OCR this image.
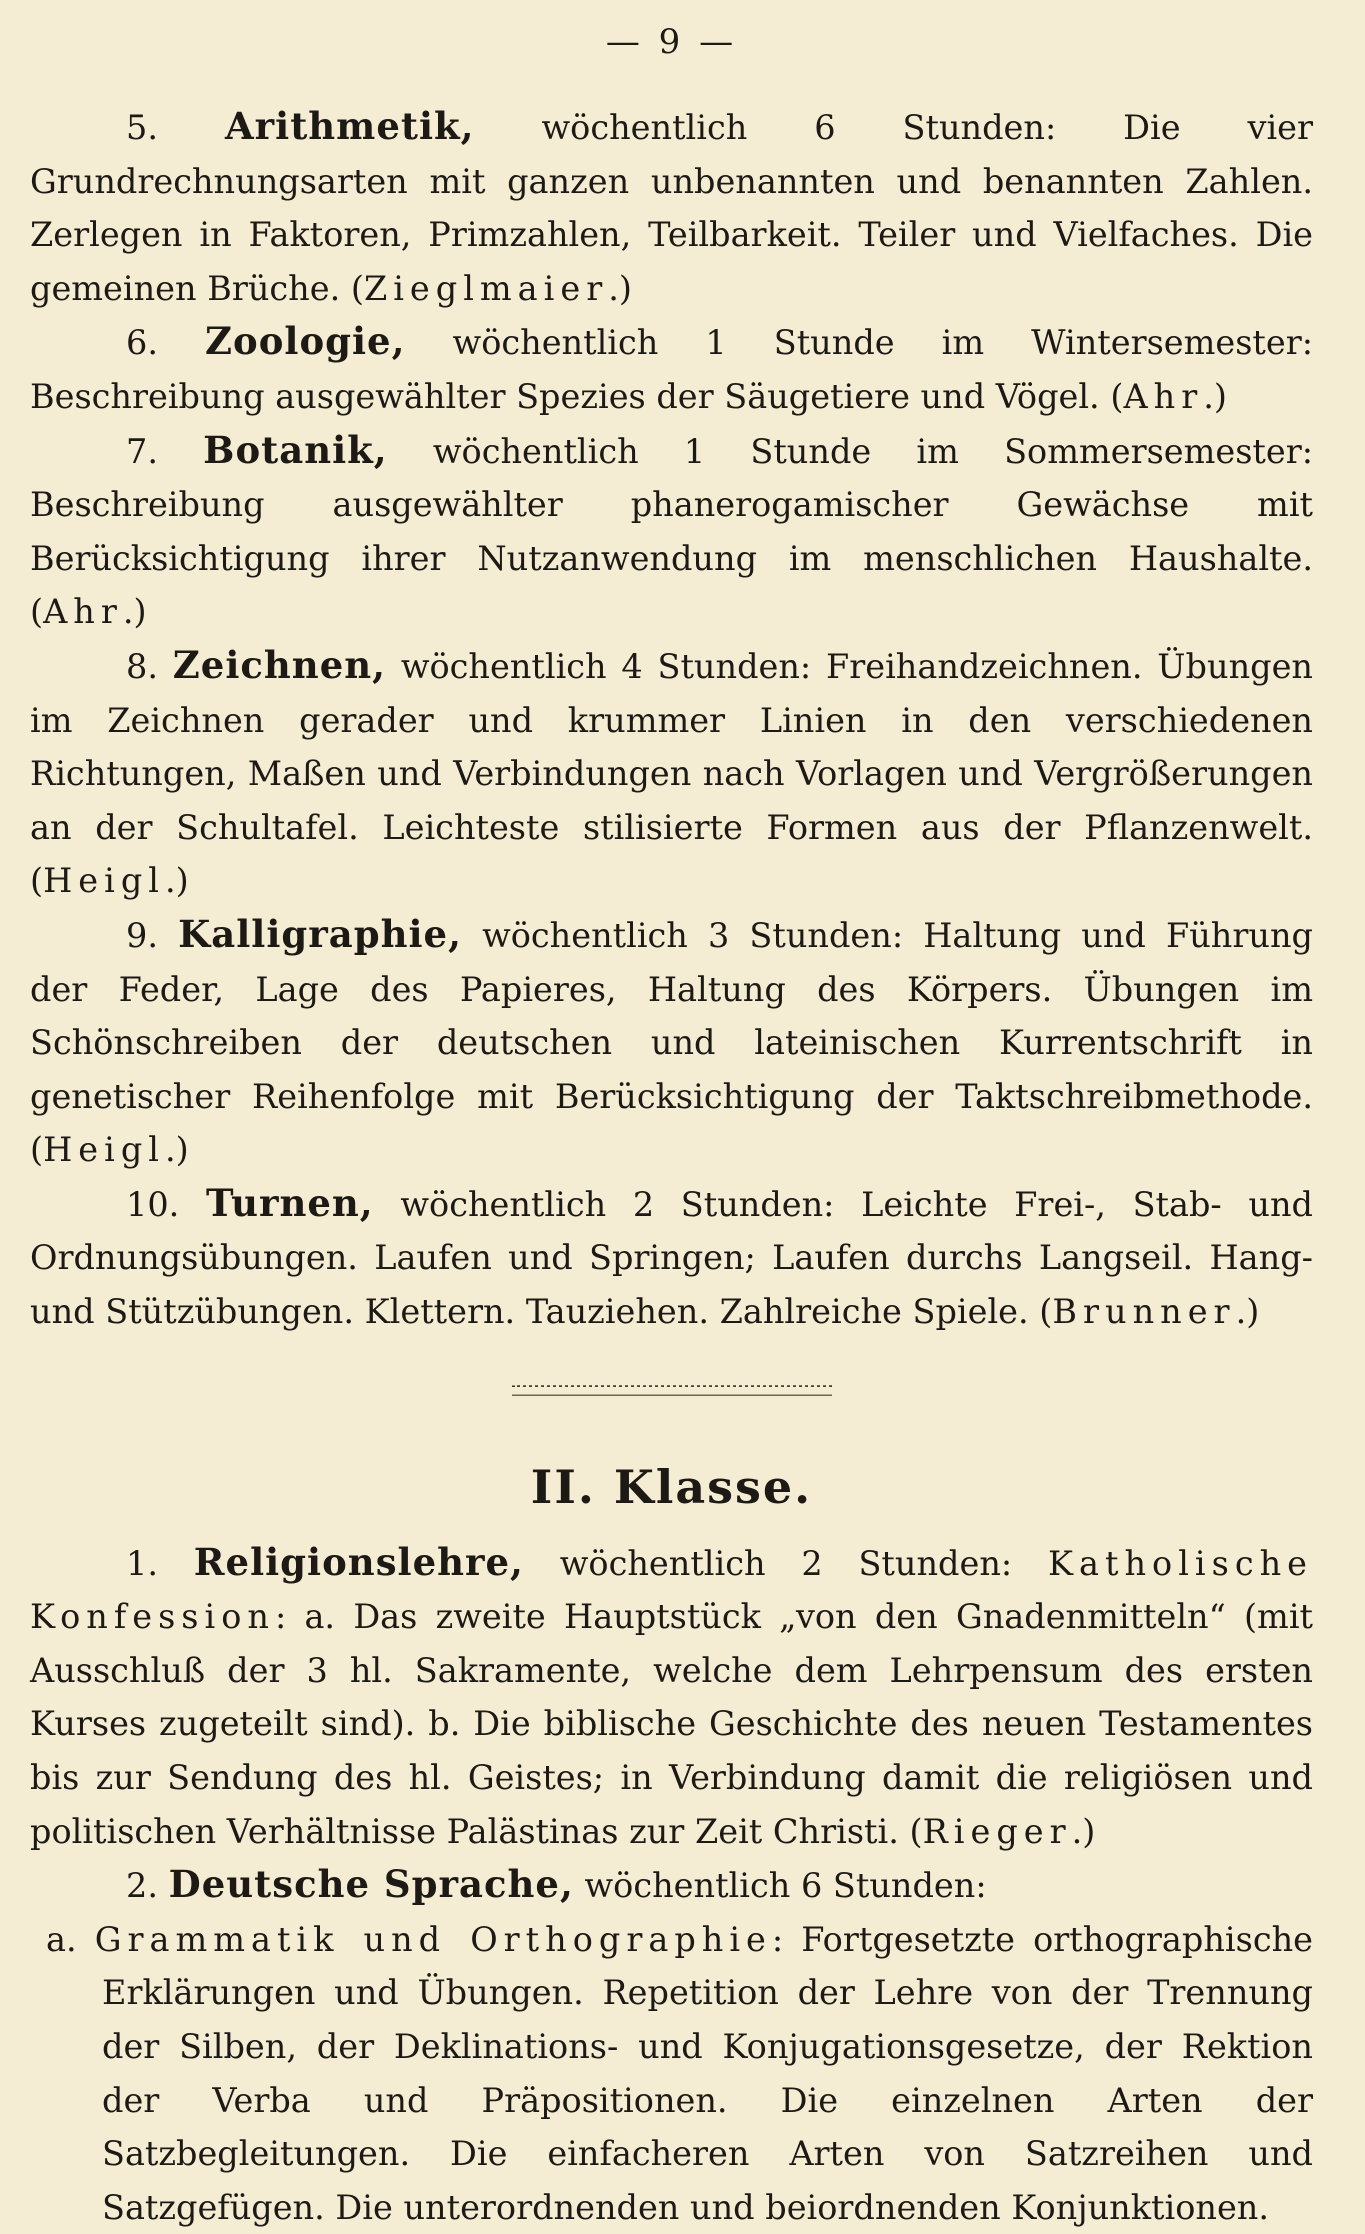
— 9 —

5. Arithmetik, wöchentlich 6 Stunden: Die vier Grundrechnungsarten mit ganzen unbenannten und benannten Zahlen. Zerlegen in Faktoren, Primzahlen, Teilbarkeit. Teiler und Vielfaches. Die gemeinen Brüche. (Zieglmaier.)

6. Zoologie, wöchentlich 1 Stunde im Wintersemester: Beschreibung ausgewählter Spezies der Säugetiere und Vögel. (Ahr.)

7. Botanik, wöchentlich 1 Stunde im Sommersemester: Beschreibung ausgewählter phanerogamischer Gewächse mit Berücksichtigung ihrer Nutzanwendung im menschlichen Haushalte. (Ahr.)

8. Zeichnen, wöchentlich 4 Stunden: Freihandzeichnen. Übungen im Zeichnen gerader und krummer Linien in den verschiedenen Richtungen, Maßen und Verbindungen nach Vorlagen und Vergrößerungen an der Schultafel. Leichteste stilisierte Formen aus der Pflanzenwelt. (Heigl.)

9. Kalligraphie, wöchentlich 3 Stunden: Haltung und Führung der Feder, Lage des Papieres, Haltung des Körpers. Übungen im Schönschreiben der deutschen und lateinischen Kurrentschrift in genetischer Reihenfolge mit Berücksichtigung der Taktschreibmethode. (Heigl.)

10. Turnen, wöchentlich 2 Stunden: Leichte Frei-, Stab- und Ordnungsübungen. Laufen und Springen; Laufen durchs Langseil. Hang- und Stützübungen. Klettern. Tauziehen. Zahlreiche Spiele. (Brunner.)

II. Klasse.

1. Religionslehre, wöchentlich 2 Stunden: Katholische Konfession: a. Das zweite Hauptstück „von den Gnadenmitteln“ (mit Ausschluß der 3 hl. Sakramente, welche dem Lehrpensum des ersten Kurses zugeteilt sind). b. Die biblische Geschichte des neuen Testamentes bis zur Sendung des hl. Geistes; in Verbindung damit die religiösen und politischen Verhältnisse Palästinas zur Zeit Christi. (Rieger.)

2. Deutsche Sprache, wöchentlich 6 Stunden:

a. Grammatik und Orthographie: Fortgesetzte orthographische Erklärungen und Übungen. Repetition der Lehre von der Trennung der Silben, der Deklinations- und Konjugationsgesetze, der Rektion der Verba und Präpositionen. Die einzelnen Arten der Satzbegleitungen. Die einfacheren Arten von Satzreihen und Satzgefügen. Die unterordnenden und beiordnenden Konjunktionen.
